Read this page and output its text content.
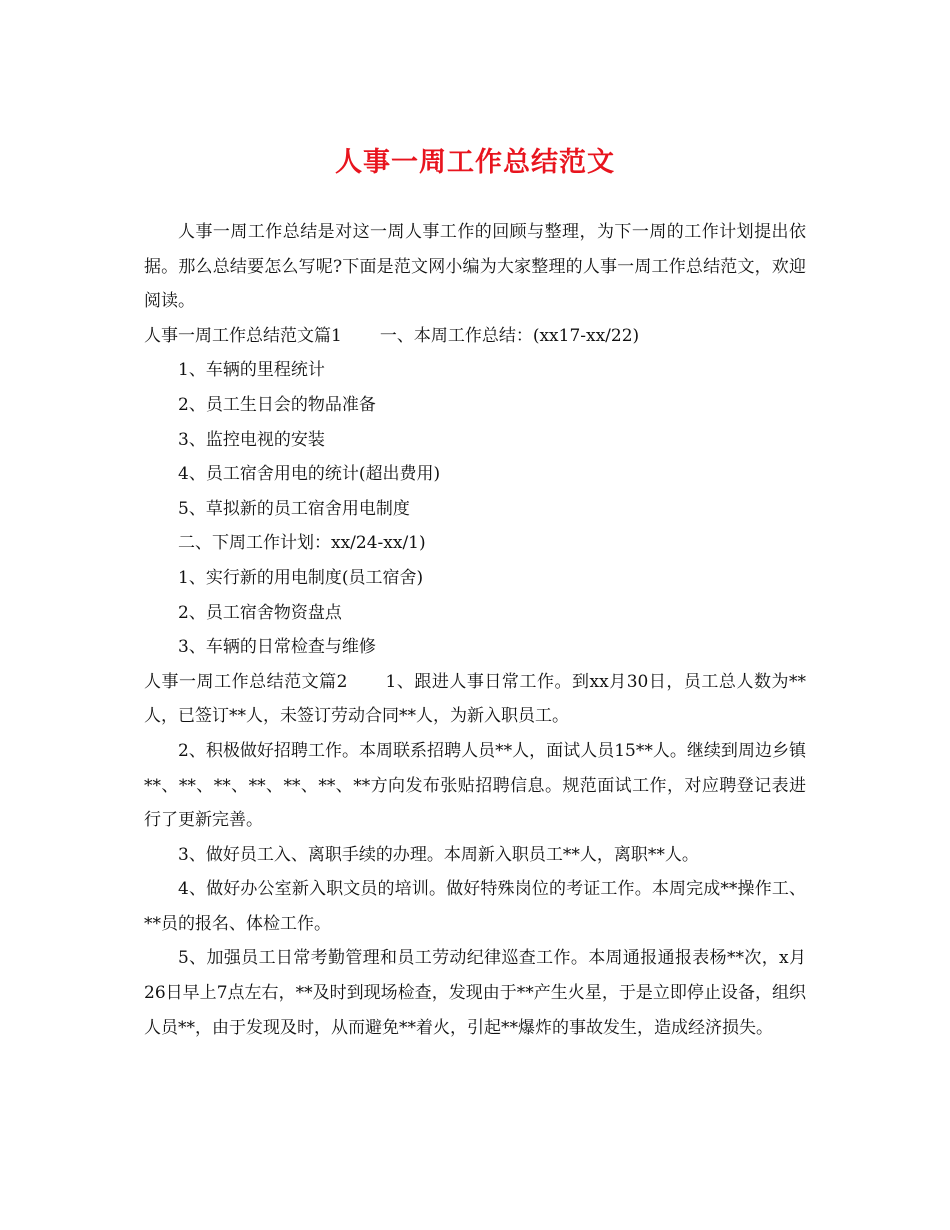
人事一周工作总结范文

人事一周工作总结是对这一周人事工作的回顾与整理，为下一周的工作计划提出依据。那么总结要怎么写呢?下面是范文网小编为大家整理的人事一周工作总结范文，欢迎阅读。

人事一周工作总结范文篇1 一、本周工作总结：(xx17-xx/22)

1、车辆的里程统计

2、员工生日会的物品准备

3、监控电视的安装

4、员工宿舍用电的统计(超出费用)

5、草拟新的员工宿舍用电制度

二、下周工作计划：xx/24-xx/1)

1、实行新的用电制度(员工宿舍)

2、员工宿舍物资盘点

3、车辆的日常检查与维修

人事一周工作总结范文篇2 1、跟进人事日常工作。到xx月30日，员工总人数为**人，已签订**人，未签订劳动合同**人，为新入职员工。

2、积极做好招聘工作。本周联系招聘人员**人，面试人员15**人。继续到周边乡镇**、**、**、**、**、**、**方向发布张贴招聘信息。规范面试工作，对应聘登记表进行了更新完善。

3、做好员工入、离职手续的办理。本周新入职员工**人，离职**人。

4、做好办公室新入职文员的培训。做好特殊岗位的考证工作。本周完成**操作工、**员的报名、体检工作。

5、加强员工日常考勤管理和员工劳动纪律巡查工作。本周通报通报表杨**次，x月26日早上7点左右，**及时到现场检查，发现由于**产生火星，于是立即停止设备，组织人员**，由于发现及时，从而避免**着火，引起**爆炸的事故发生，造成经济损失。
